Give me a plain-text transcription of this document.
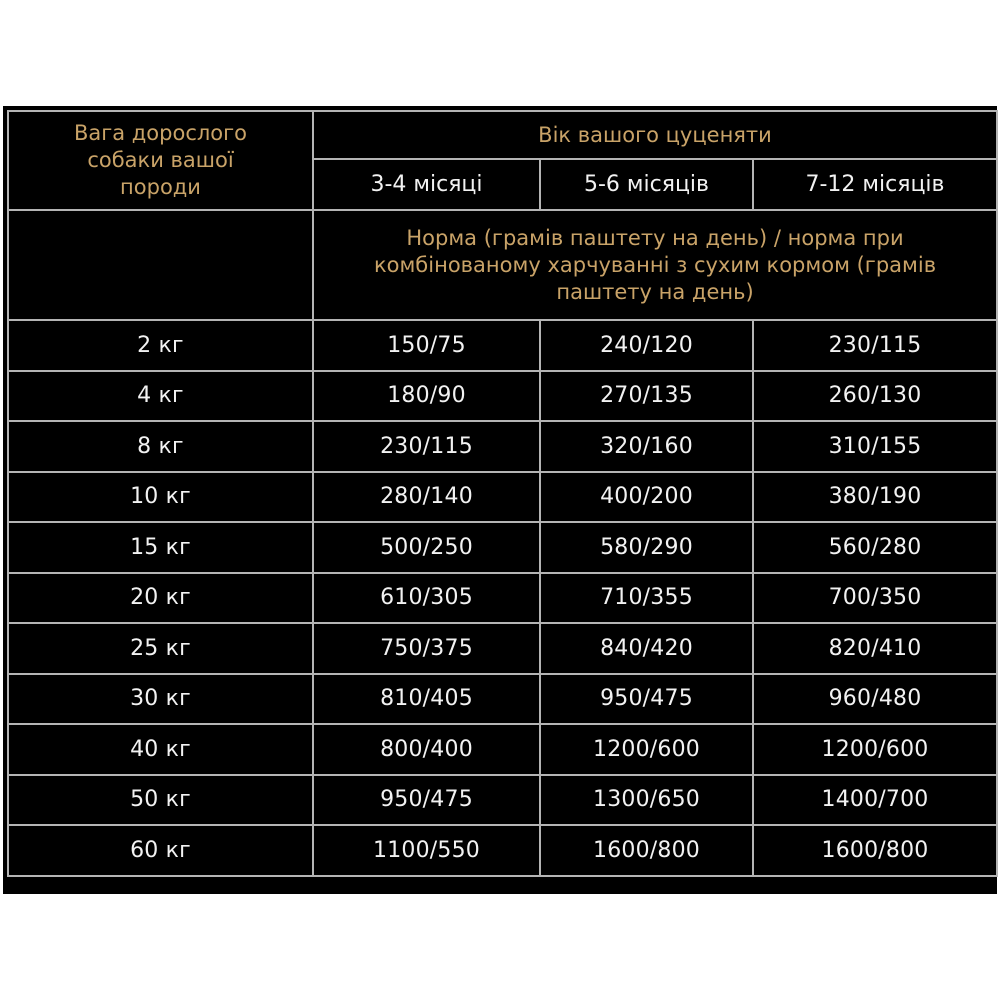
Вага дорослого собаки вашої породи	Вік вашого цуценяти		
	3-4 місяці	5-6 місяців	7-12 місяців

	Норма (грамів паштету на день) / норма при комбінованому харчуванні з сухим кормом (грамів паштету на день)		

2 кг	150/75	240/120	230/115
4 кг	180/90	270/135	260/130
8 кг	230/115	320/160	310/155
10 кг	280/140	400/200	380/190
15 кг	500/250	580/290	560/280
20 кг	610/305	710/355	700/350
25 кг	750/375	840/420	820/410
30 кг	810/405	950/475	960/480
40 кг	800/400	1200/600	1200/600
50 кг	950/475	1300/650	1400/700
60 кг	1100/550	1600/800	1600/800
